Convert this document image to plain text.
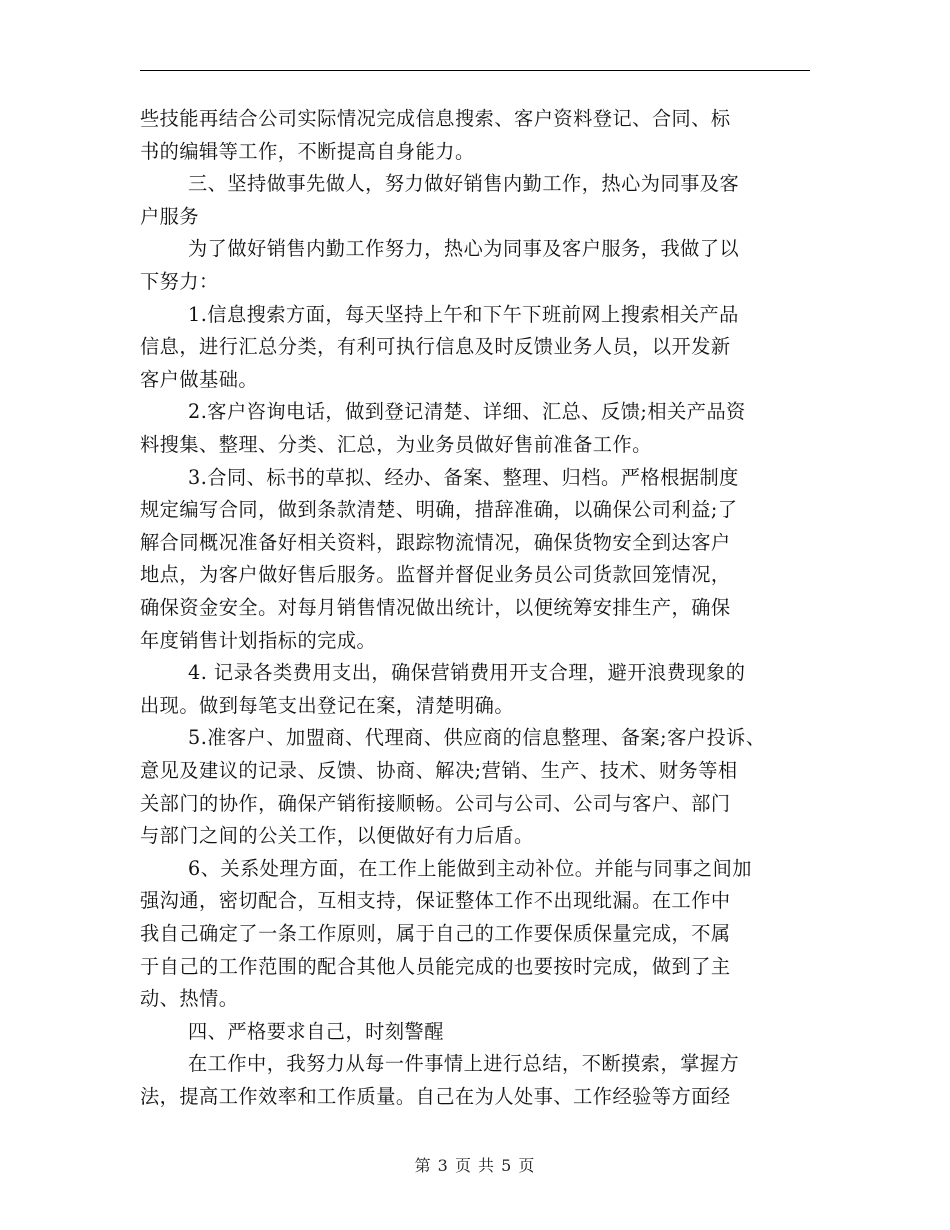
些技能再结合公司实际情况完成信息搜索、客户资料登记、合同、标
书的编辑等工作，不断提高自身能力。
三、坚持做事先做人，努力做好销售内勤工作，热心为同事及客
户服务
为了做好销售内勤工作努力，热心为同事及客户服务，我做了以
下努力：
1.信息搜索方面，每天坚持上午和下午下班前网上搜索相关产品
信息，进行汇总分类，有利可执行信息及时反馈业务人员，以开发新
客户做基础。
2.客户咨询电话，做到登记清楚、详细、汇总、反馈;相关产品资
料搜集、整理、分类、汇总，为业务员做好售前准备工作。
3.合同、标书的草拟、经办、备案、整理、归档。严格根据制度
规定编写合同，做到条款清楚、明确，措辞准确，以确保公司利益;了
解合同概况准备好相关资料，跟踪物流情况，确保货物安全到达客户
地点，为客户做好售后服务。监督并督促业务员公司货款回笼情况，
确保资金安全。对每月销售情况做出统计，以便统筹安排生产，确保
年度销售计划指标的完成。
4. 记录各类费用支出，确保营销费用开支合理，避开浪费现象的
出现。做到每笔支出登记在案，清楚明确。
5.准客户、加盟商、代理商、供应商的信息整理、备案;客户投诉、
意见及建议的记录、反馈、协商、解决;营销、生产、技术、财务等相
关部门的协作，确保产销衔接顺畅。公司与公司、公司与客户、部门
与部门之间的公关工作，以便做好有力后盾。
6、关系处理方面，在工作上能做到主动补位。并能与同事之间加
强沟通，密切配合，互相支持，保证整体工作不出现纰漏。在工作中
我自己确定了一条工作原则，属于自己的工作要保质保量完成，不属
于自己的工作范围的配合其他人员能完成的也要按时完成，做到了主
动、热情。
四、严格要求自己，时刻警醒
在工作中，我努力从每一件事情上进行总结，不断摸索，掌握方
法，提高工作效率和工作质量。自己在为人处事、工作经验等方面经
第 3 页 共 5 页
